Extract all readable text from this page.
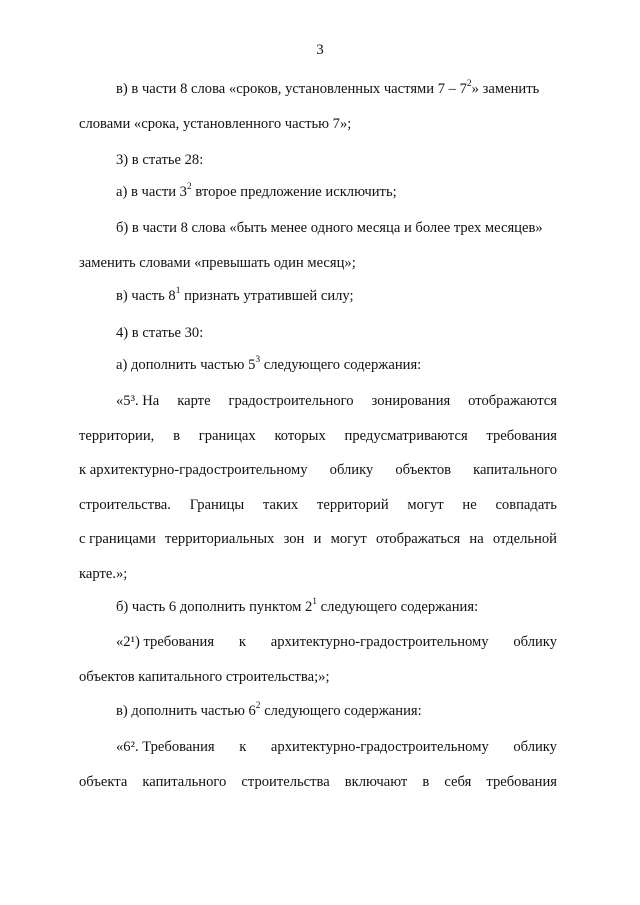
3
в) в части 8 слова «сроков, установленных частями $7 - 7^2$» заменить
словами «срока, установленного частью 7»;
3) в статье 28:
а) в части $3^2$ второе предложение исключить;
б) в части 8 слова «быть менее одного месяца и более трех месяцев»
заменить словами «превышать один месяц»;
в) часть $8^1$ признать утратившей силу;
4) в статье 30:
а) дополнить частью $5^3$ следующего содержания:
«5³. На карте градостроительного зонирования отображаются
территории, в границах которых предусматриваются требования
к архитектурно-градостроительному облику объектов капитального
строительства. Границы таких территорий могут не совпадать
с границами территориальных зон и могут отображаться на отдельной
карте.»;
б) часть 6 дополнить пунктом $2^1$ следующего содержания:
«2¹) требования к архитектурно-градостроительному облику
объектов капитального строительства;»;
в) дополнить частью $6^2$ следующего содержания:
«6². Требования к архитектурно-градостроительному облику
объекта капитального строительства включают в себя требования
